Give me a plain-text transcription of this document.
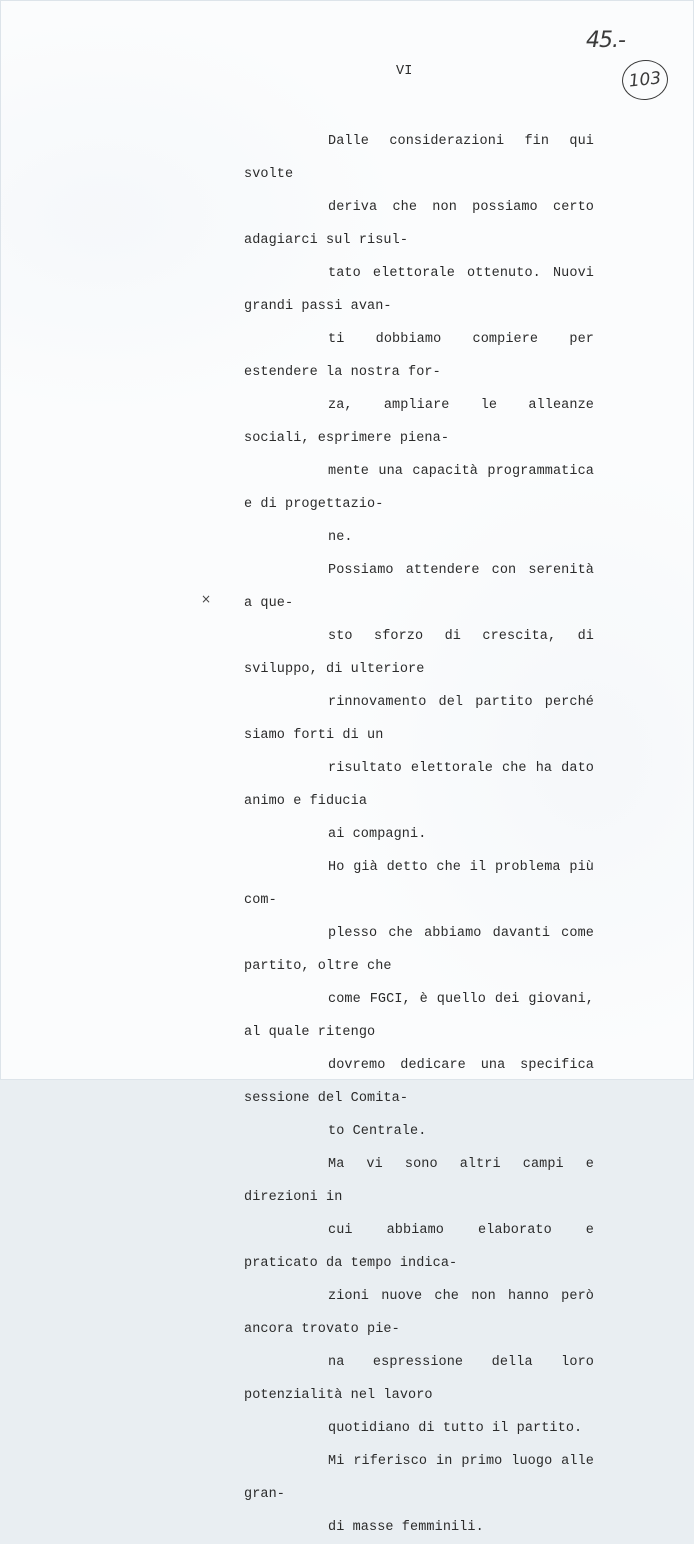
45.-
103

VI

×

Dalle considerazioni fin qui svolte
deriva che non possiamo certo adagiarci sul risul-
tato elettorale ottenuto. Nuovi grandi passi avan-
ti dobbiamo compiere per estendere la nostra for-
za, ampliare le alleanze sociali, esprimere piena-
mente una capacità programmatica e di progettazio-
ne.

Possiamo attendere con serenità a que-
sto sforzo di crescita, di sviluppo, di ulteriore
rinnovamento del partito perché siamo forti di un
risultato elettorale che ha dato animo e fiducia
ai compagni.

Ho già detto che il problema più com-
plesso che abbiamo davanti come partito, oltre che
come FGCI, è quello dei giovani, al quale ritengo
dovremo dedicare una specifica sessione del Comita-
to Centrale.

Ma vi sono altri campi e direzioni in
cui abbiamo elaborato e praticato da tempo indica-
zioni nuove che non hanno però ancora trovato pie-
na espressione della loro potenzialità nel lavoro
quotidiano di tutto il partito.

Mi riferisco in primo luogo alle gran-
di masse femminili.
